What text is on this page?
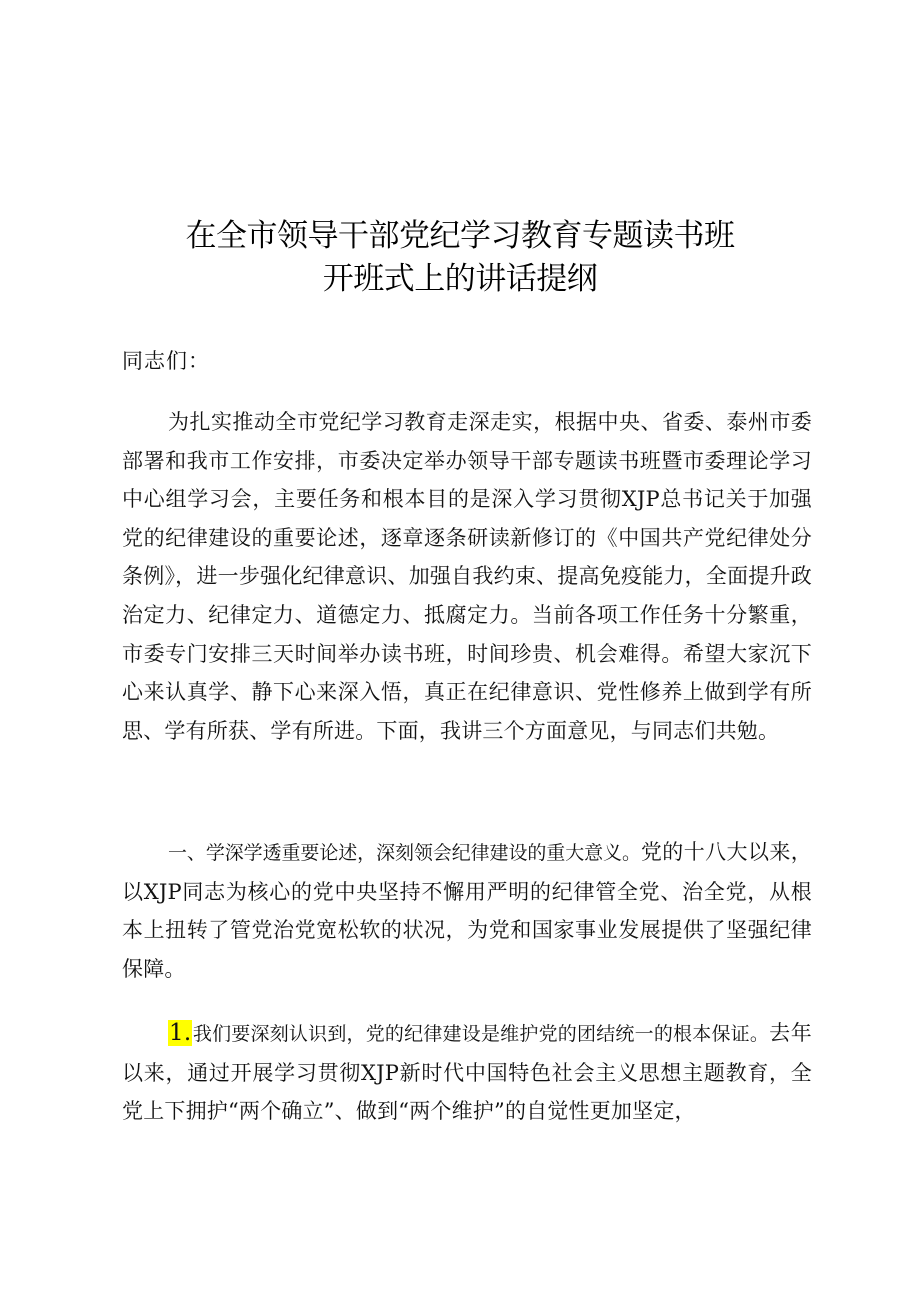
在全市领导干部党纪学习教育专题读书班
开班式上的讲话提纲
同志们：

为扎实推动全市党纪学习教育走深走实，根据中央、省委、泰州市委部署和我市工作安排，市委决定举办领导干部专题读书班暨市委理论学习中心组学习会，主要任务和根本目的是深入学习贯彻XJP总书记关于加强党的纪律建设的重要论述，逐章逐条研读新修订的《中国共产党纪律处分条例》，进一步强化纪律意识、加强自我约束、提高免疫能力，全面提升政治定力、纪律定力、道德定力、抵腐定力。当前各项工作任务十分繁重，市委专门安排三天时间举办读书班，时间珍贵、机会难得。希望大家沉下心来认真学、静下心来深入悟，真正在纪律意识、党性修养上做到学有所思、学有所获、学有所进。下面，我讲三个方面意见，与同志们共勉。

一、学深学透重要论述，深刻领会纪律建设的重大意义。党的十八大以来，以XJP同志为核心的党中央坚持不懈用严明的纪律管全党、治全党，从根本上扭转了管党治党宽松软的状况，为党和国家事业发展提供了坚强纪律保障。

1.我们要深刻认识到，党的纪律建设是维护党的团结统一的根本保证。去年以来，通过开展学习贯彻XJP新时代中国特色社会主义思想主题教育，全党上下拥护“两个确立”、做到“两个维护”的自觉性更加坚定，
